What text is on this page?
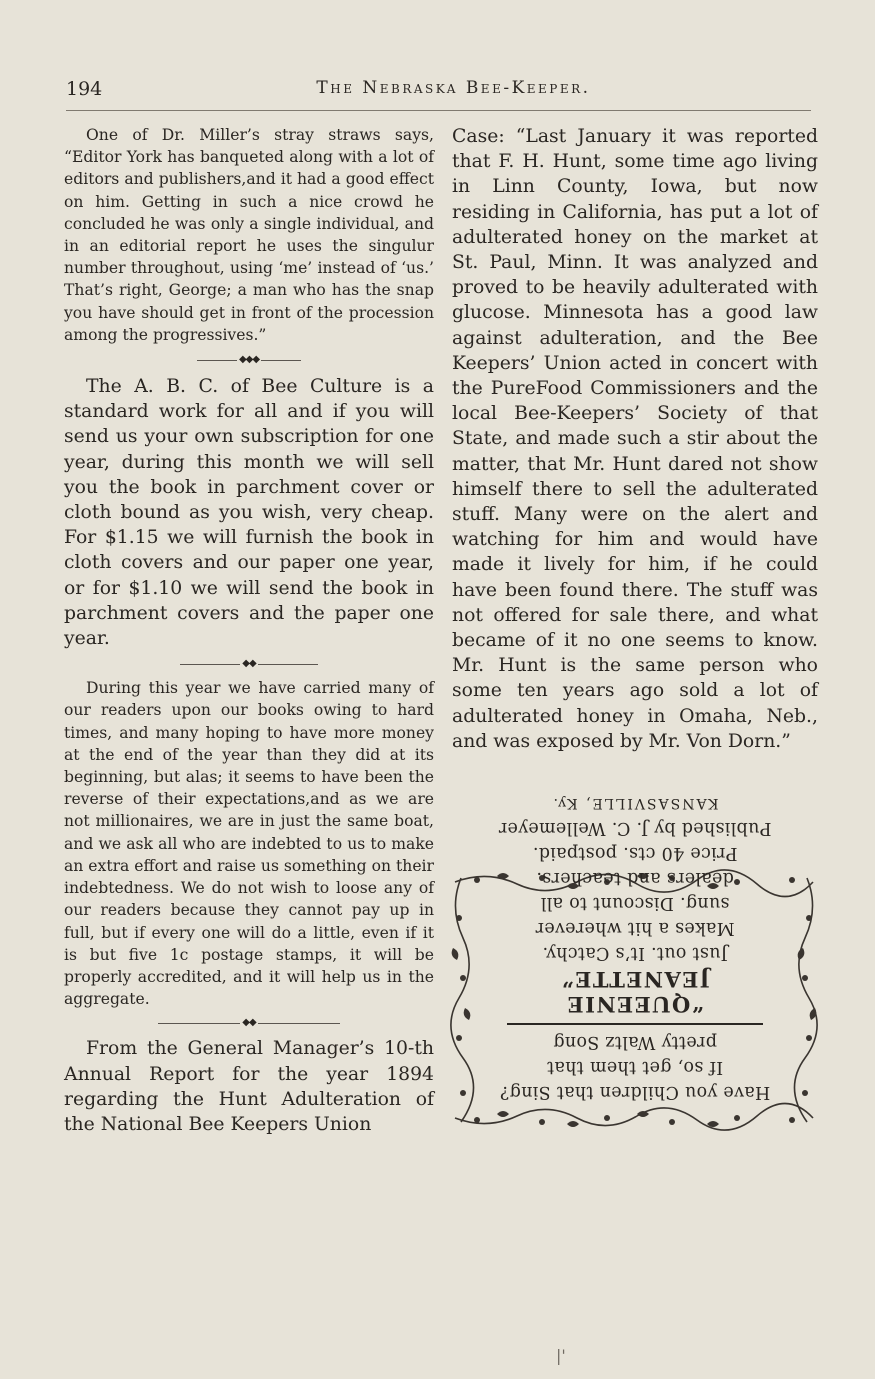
194	The Nebraska Bee-Keeper.

One of Dr. Miller’s stray straws says, “Editor York has banqueted along with a lot of editors and publishers,and it had a good effect on him. Getting in such a nice crowd he concluded he was only a single individual, and in an editorial report he uses the singulur number throughout, using ‘me’ instead of ‘us.’ That’s right, George; a man who has the snap you have should get in front of the procession among the progressives.”

◆◆◆

The A. B. C. of Bee Culture is a standard work for all and if you will send us your own subscription for one year, during this month we will sell you the book in parchment cover or cloth bound as you wish, very cheap. For $1.15 we will furnish the book in cloth covers and our paper one year, or for $1.10 we will send the book in parchment covers and the paper one year.

◆◆

During this year we have carried many of our readers upon our books owing to hard times, and many hoping to have more money at the end of the year than they did at its beginning, but alas; it seems to have been the reverse of their expectations,and as we are not millionaires, we are in just the same boat, and we ask all who are indebted to us to make an extra effort and raise us something on their indebtedness. We do not wish to loose any of our readers because they cannot pay up in full, but if every one will do a little, even if it is but five 1c postage stamps, it will be properly accredited, and it will help us in the aggregate.

◆◆

From the General Manager’s 10-th Annual Report for the year 1894 regarding the Hunt Adulteration of the National Bee Keepers Union

Case: “Last January it was reported that F. H. Hunt, some time ago living in Linn County, Iowa, but now residing in California, has put a lot of adulterated honey on the market at St. Paul, Minn. It was analyzed and proved to be heavily adulterated with glucose. Minnesota has a good law against adulteration, and the Bee Keepers’ Union acted in concert with the PureFood Commissioners and the local Bee-Keepers’ Society of that State, and made such a stir about the matter, that Mr. Hunt dared not show himself there to sell the adulterated stuff. Many were on the alert and watching for him and would have made it lively for him, if he could have been found there. The stuff was not offered for sale there, and what became of it no one seems to know. Mr. Hunt is the same person who some ten years ago sold a lot of adulterated honey in Omaha, Neb., and was exposed by Mr. Von Dorn.”

Have you Children that Sing?
If so, get them that
pretty Waltz Song
“QUEENIE JEANETTE”
Just out. It’s Catchy.
Makes a hit wherever
sung. Discount to all
dealers and teachers.
Price 40 cts. postpaid.
Published by J. C. Wellemeyer
KANSASVILLE, Ky.
|'
